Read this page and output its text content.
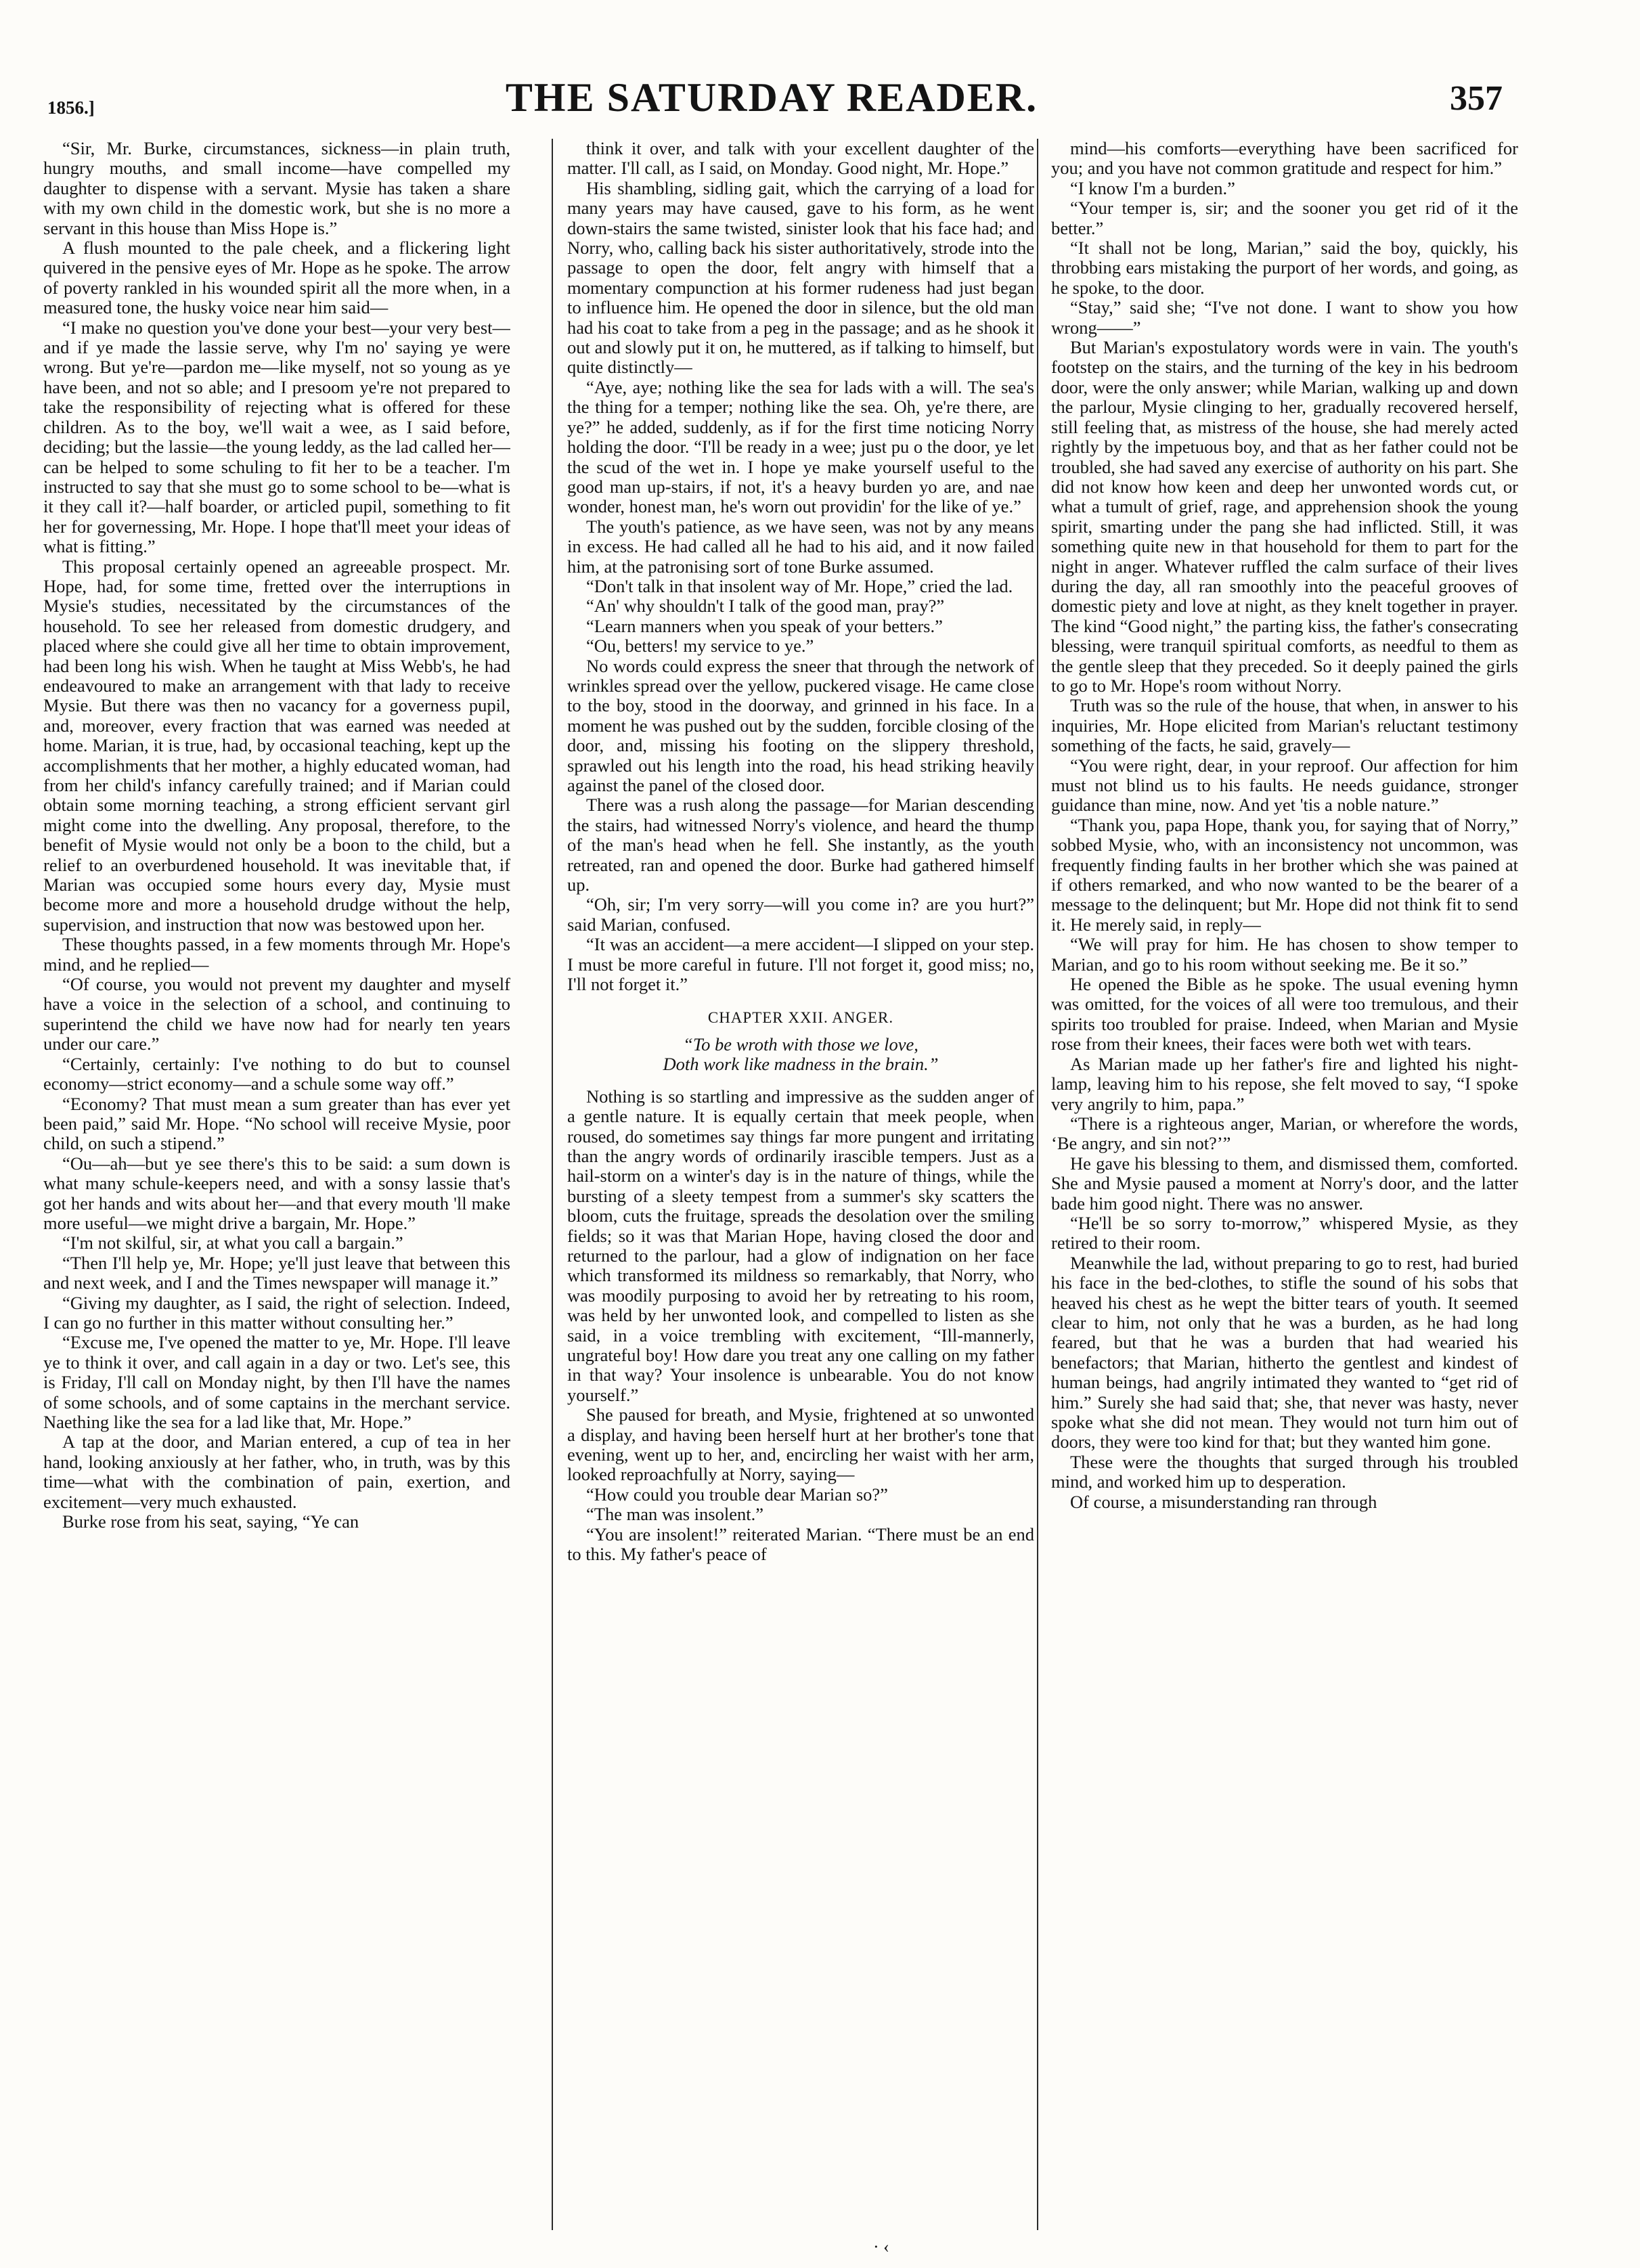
1856.]	THE SATURDAY READER.	357

“Sir, Mr. Burke, circumstances, sickness—in plain truth, hungry mouths, and small income—have compelled my daughter to dispense with a servant. Mysie has taken a share with my own child in the domestic work, but she is no more a servant in this house than Miss Hope is.”

A flush mounted to the pale cheek, and a flickering light quivered in the pensive eyes of Mr. Hope as he spoke. The arrow of poverty rankled in his wounded spirit all the more when, in a measured tone, the husky voice near him said—

“I make no question you've done your best—your very best—and if ye made the lassie serve, why I'm no' saying ye were wrong. But ye're—pardon me—like myself, not so young as ye have been, and not so able; and I presoom ye're not prepared to take the responsibility of rejecting what is offered for these children. As to the boy, we'll wait a wee, as I said before, deciding; but the lassie—the young leddy, as the lad called her—can be helped to some schuling to fit her to be a teacher. I'm instructed to say that she must go to some school to be—what is it they call it?—half boarder, or articled pupil, something to fit her for governessing, Mr. Hope. I hope that'll meet your ideas of what is fitting.”

This proposal certainly opened an agreeable prospect. Mr. Hope, had, for some time, fretted over the interruptions in Mysie's studies, necessitated by the circumstances of the household. To see her released from domestic drudgery, and placed where she could give all her time to obtain improvement, had been long his wish. When he taught at Miss Webb's, he had endeavoured to make an arrangement with that lady to receive Mysie. But there was then no vacancy for a governess pupil, and, moreover, every fraction that was earned was needed at home. Marian, it is true, had, by occasional teaching, kept up the accomplishments that her mother, a highly educated woman, had from her child's infancy carefully trained; and if Marian could obtain some morning teaching, a strong efficient servant girl might come into the dwelling. Any proposal, therefore, to the benefit of Mysie would not only be a boon to the child, but a relief to an overburdened household. It was inevitable that, if Marian was occupied some hours every day, Mysie must become more and more a household drudge without the help, supervision, and instruction that now was bestowed upon her.

These thoughts passed, in a few moments through Mr. Hope's mind, and he replied—

“Of course, you would not prevent my daughter and myself have a voice in the selection of a school, and continuing to superintend the child we have now had for nearly ten years under our care.”

“Certainly, certainly: I've nothing to do but to counsel economy—strict economy—and a schule some way off.”

“Economy? That must mean a sum greater than has ever yet been paid,” said Mr. Hope. “No school will receive Mysie, poor child, on such a stipend.”

“Ou—ah—but ye see there's this to be said: a sum down is what many schule-keepers need, and with a sonsy lassie that's got her hands and wits about her—and that every mouth 'll make more useful—we might drive a bargain, Mr. Hope.”

“I'm not skilful, sir, at what you call a bargain.”

“Then I'll help ye, Mr. Hope; ye'll just leave that between this and next week, and I and the Times newspaper will manage it.”

“Giving my daughter, as I said, the right of selection. Indeed, I can go no further in this matter without consulting her.”

“Excuse me, I've opened the matter to ye, Mr. Hope. I'll leave ye to think it over, and call again in a day or two. Let's see, this is Friday, I'll call on Monday night, by then I'll have the names of some schools, and of some captains in the merchant service. Naething like the sea for a lad like that, Mr. Hope.”

A tap at the door, and Marian entered, a cup of tea in her hand, looking anxiously at her father, who, in truth, was by this time—what with the combination of pain, exertion, and excitement—very much exhausted.

Burke rose from his seat, saying, “Ye can

think it over, and talk with your excellent daughter of the matter. I'll call, as I said, on Monday. Good night, Mr. Hope.”

His shambling, sidling gait, which the carrying of a load for many years may have caused, gave to his form, as he went down-stairs the same twisted, sinister look that his face had; and Norry, who, calling back his sister authoritatively, strode into the passage to open the door, felt angry with himself that a momentary compunction at his former rudeness had just began to influence him. He opened the door in silence, but the old man had his coat to take from a peg in the passage; and as he shook it out and slowly put it on, he muttered, as if talking to himself, but quite distinctly—

“Aye, aye; nothing like the sea for lads with a will. The sea's the thing for a temper; nothing like the sea. Oh, ye're there, are ye?” he added, suddenly, as if for the first time noticing Norry holding the door. “I'll be ready in a wee; just pu o the door, ye let the scud of the wet in. I hope ye make yourself useful to the good man up-stairs, if not, it's a heavy burden yo are, and nae wonder, honest man, he's worn out providin' for the like of ye.”

The youth's patience, as we have seen, was not by any means in excess. He had called all he had to his aid, and it now failed him, at the patronising sort of tone Burke assumed.

“Don't talk in that insolent way of Mr. Hope,” cried the lad.

“An' why shouldn't I talk of the good man, pray?”

“Learn manners when you speak of your betters.”

“Ou, betters! my service to ye.”

No words could express the sneer that through the network of wrinkles spread over the yellow, puckered visage. He came close to the boy, stood in the doorway, and grinned in his face. In a moment he was pushed out by the sudden, forcible closing of the door, and, missing his footing on the slippery threshold, sprawled out his length into the road, his head striking heavily against the panel of the closed door.

There was a rush along the passage—for Marian descending the stairs, had witnessed Norry's violence, and heard the thump of the man's head when he fell. She instantly, as the youth retreated, ran and opened the door. Burke had gathered himself up.

“Oh, sir; I'm very sorry—will you come in? are you hurt?” said Marian, confused.

“It was an accident—a mere accident—I slipped on your step. I must be more careful in future. I'll not forget it, good miss; no, I'll not forget it.”

CHAPTER XXII. ANGER.
“To be wroth with those we love,
Doth work like madness in the brain.”

Nothing is so startling and impressive as the sudden anger of a gentle nature. It is equally certain that meek people, when roused, do sometimes say things far more pungent and irritating than the angry words of ordinarily irascible tempers. Just as a hail-storm on a winter's day is in the nature of things, while the bursting of a sleety tempest from a summer's sky scatters the bloom, cuts the fruitage, spreads the desolation over the smiling fields; so it was that Marian Hope, having closed the door and returned to the parlour, had a glow of indignation on her face which transformed its mildness so remarkably, that Norry, who was moodily purposing to avoid her by retreating to his room, was held by her unwonted look, and compelled to listen as she said, in a voice trembling with excitement, “Ill-mannerly, ungrateful boy! How dare you treat any one calling on my father in that way? Your insolence is unbearable. You do not know yourself.”

She paused for breath, and Mysie, frightened at so unwonted a display, and having been herself hurt at her brother's tone that evening, went up to her, and, encircling her waist with her arm, looked reproachfully at Norry, saying—

“How could you trouble dear Marian so?”

“The man was insolent.”

“You are insolent!” reiterated Marian. “There must be an end to this. My father's peace of

mind—his comforts—everything have been sacrificed for you; and you have not common gratitude and respect for him.”

“I know I'm a burden.”

“Your temper is, sir; and the sooner you get rid of it the better.”

“It shall not be long, Marian,” said the boy, quickly, his throbbing ears mistaking the purport of her words, and going, as he spoke, to the door.

“Stay,” said she; “I've not done. I want to show you how wrong——”

But Marian's expostulatory words were in vain. The youth's footstep on the stairs, and the turning of the key in his bedroom door, were the only answer; while Marian, walking up and down the parlour, Mysie clinging to her, gradually recovered herself, still feeling that, as mistress of the house, she had merely acted rightly by the impetuous boy, and that as her father could not be troubled, she had saved any exercise of authority on his part. She did not know how keen and deep her unwonted words cut, or what a tumult of grief, rage, and apprehension shook the young spirit, smarting under the pang she had inflicted. Still, it was something quite new in that household for them to part for the night in anger. Whatever ruffled the calm surface of their lives during the day, all ran smoothly into the peaceful grooves of domestic piety and love at night, as they knelt together in prayer. The kind “Good night,” the parting kiss, the father's consecrating blessing, were tranquil spiritual comforts, as needful to them as the gentle sleep that they preceded. So it deeply pained the girls to go to Mr. Hope's room without Norry.

Truth was so the rule of the house, that when, in answer to his inquiries, Mr. Hope elicited from Marian's reluctant testimony something of the facts, he said, gravely—

“You were right, dear, in your reproof. Our affection for him must not blind us to his faults. He needs guidance, stronger guidance than mine, now. And yet 'tis a noble nature.”

“Thank you, papa Hope, thank you, for saying that of Norry,” sobbed Mysie, who, with an inconsistency not uncommon, was frequently finding faults in her brother which she was pained at if others remarked, and who now wanted to be the bearer of a message to the delinquent; but Mr. Hope did not think fit to send it. He merely said, in reply—

“We will pray for him. He has chosen to show temper to Marian, and go to his room without seeking me. Be it so.”

He opened the Bible as he spoke. The usual evening hymn was omitted, for the voices of all were too tremulous, and their spirits too troubled for praise. Indeed, when Marian and Mysie rose from their knees, their faces were both wet with tears.

As Marian made up her father's fire and lighted his night-lamp, leaving him to his repose, she felt moved to say, “I spoke very angrily to him, papa.”

“There is a righteous anger, Marian, or wherefore the words, ‘Be angry, and sin not?’”

He gave his blessing to them, and dismissed them, comforted. She and Mysie paused a moment at Norry's door, and the latter bade him good night. There was no answer.

“He'll be so sorry to-morrow,” whispered Mysie, as they retired to their room.

Meanwhile the lad, without preparing to go to rest, had buried his face in the bed-clothes, to stifle the sound of his sobs that heaved his chest as he wept the bitter tears of youth. It seemed clear to him, not only that he was a burden, as he had long feared, but that he was a burden that had wearied his benefactors; that Marian, hitherto the gentlest and kindest of human beings, had angrily intimated they wanted to “get rid of him.” Surely she had said that; she, that never was hasty, never spoke what she did not mean. They would not turn him out of doors, they were too kind for that; but they wanted him gone.

These were the thoughts that surged through his troubled mind, and worked him up to desperation.

Of course, a misunderstanding ran through

· ‹
